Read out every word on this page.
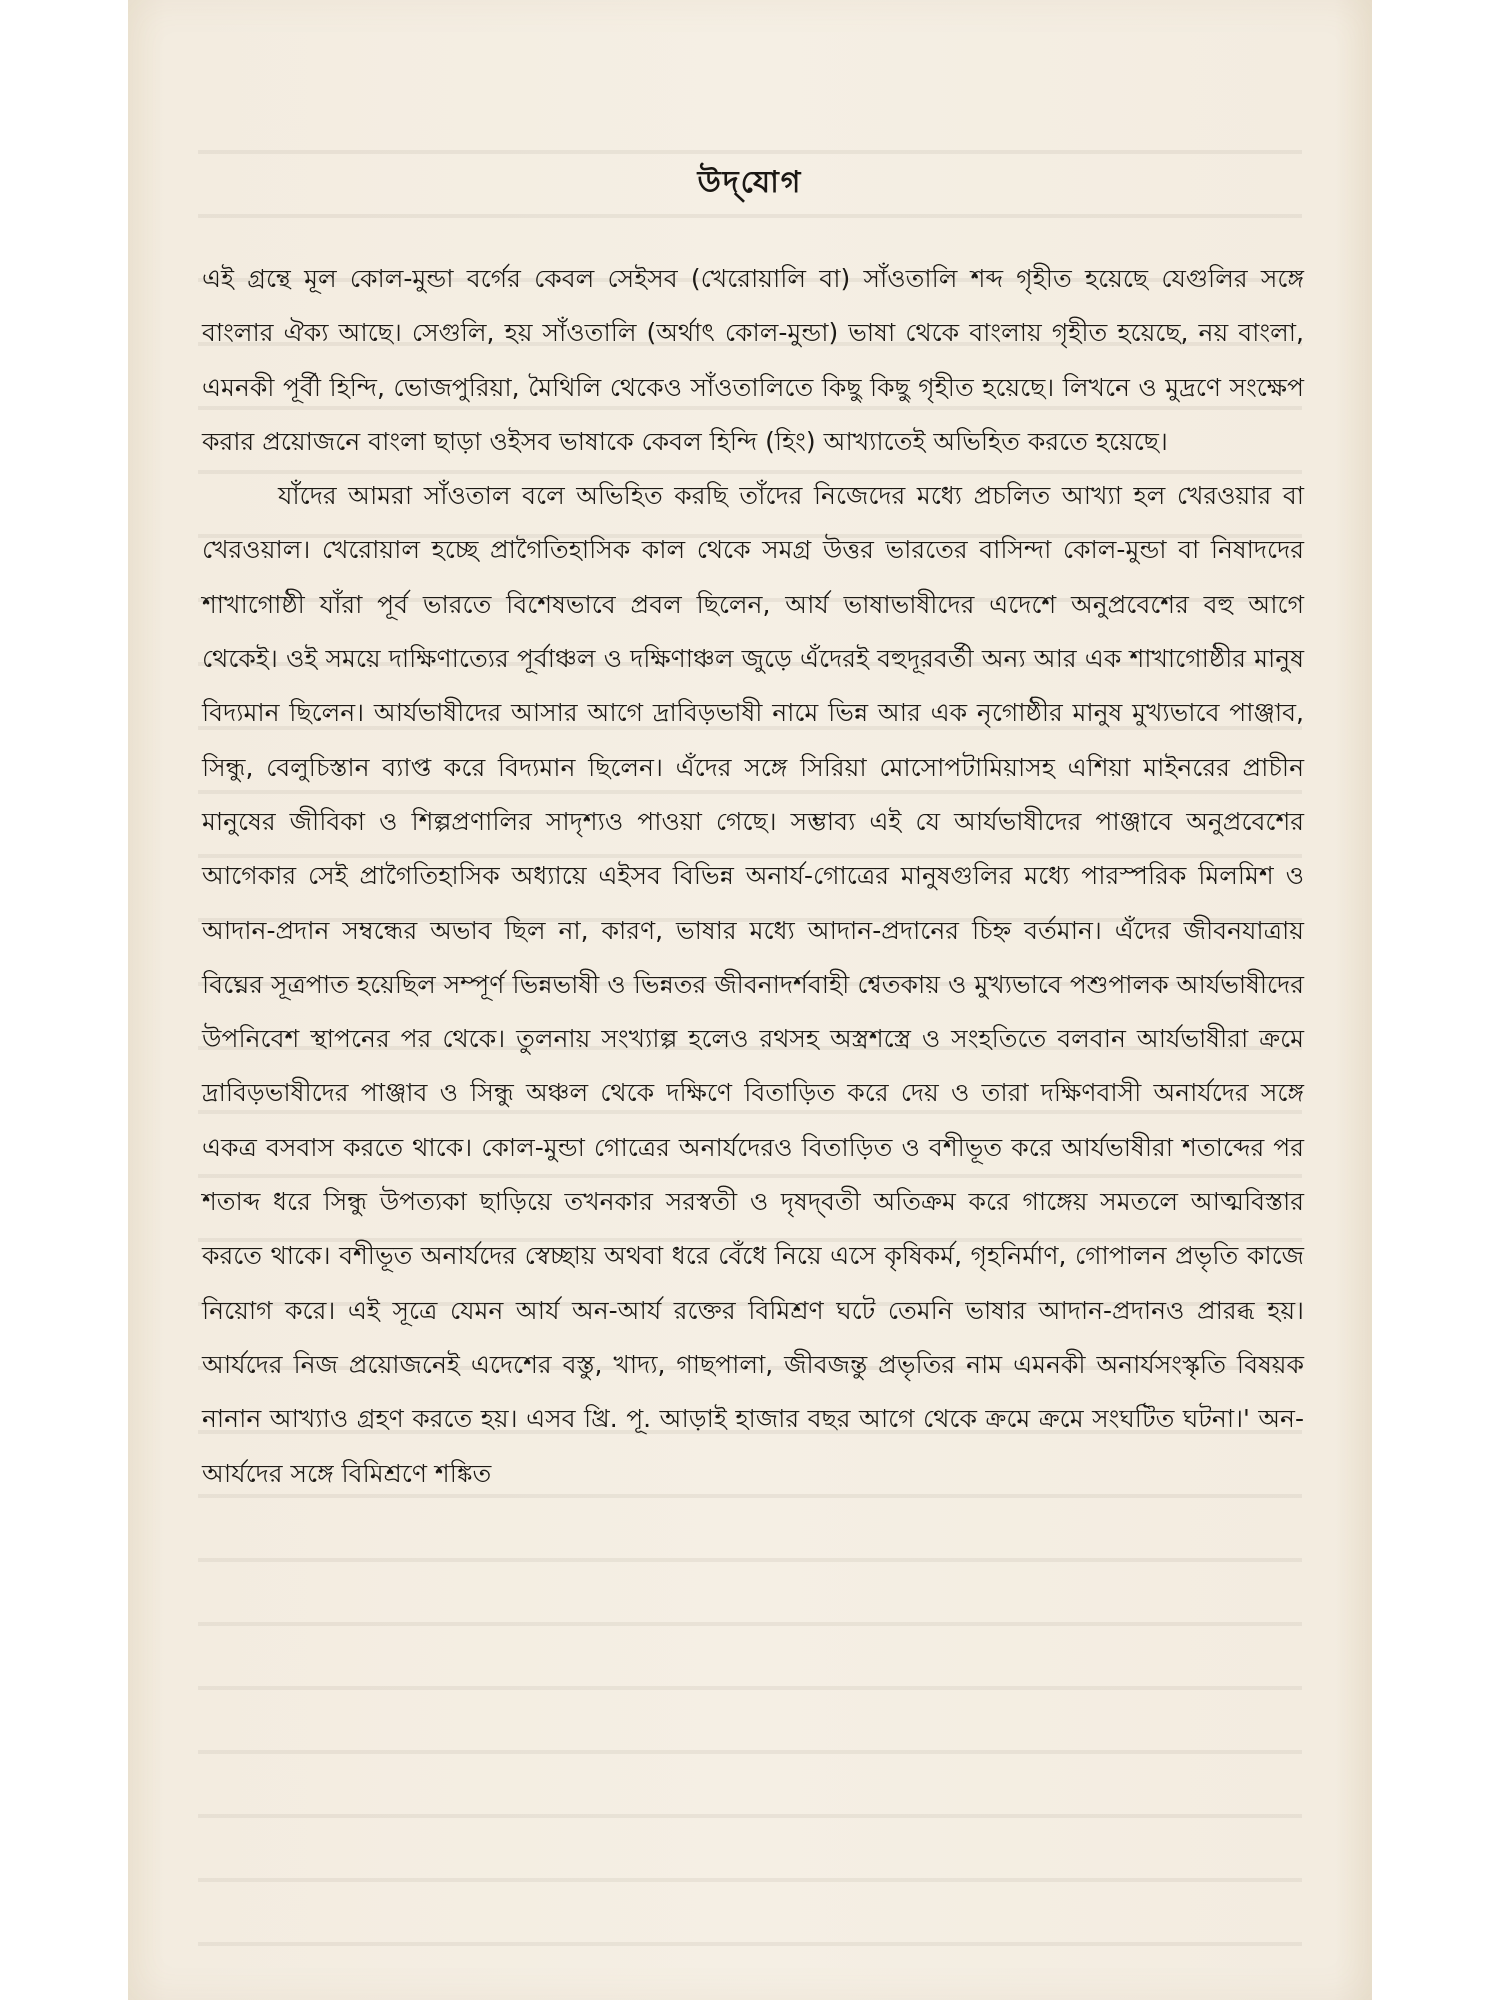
উদ্‌যোগ

এই গ্রন্থে মূল কোল-মুন্ডা বর্গের কেবল সেইসব (খেরোয়ালি বা) সাঁওতালি শব্দ গৃহীত হয়েছে যেগুলির সঙ্গে বাংলার ঐক্য আছে। সেগুলি, হয় সাঁওতালি (অর্থাৎ কোল-মুন্ডা) ভাষা থেকে বাংলায় গৃহীত হয়েছে, নয় বাংলা, এমনকী পূর্বী হিন্দি, ভোজপুরিয়া, মৈথিলি থেকেও সাঁওতালিতে কিছু কিছু গৃহীত হয়েছে। লিখনে ও মুদ্রণে সংক্ষেপ করার প্রয়োজনে বাংলা ছাড়া ওইসব ভাষাকে কেবল হিন্দি (হিং) আখ্যাতেই অভিহিত করতে হয়েছে।

যাঁদের আমরা সাঁওতাল বলে অভিহিত করছি তাঁদের নিজেদের মধ্যে প্রচলিত আখ্যা হল খেরওয়ার বা খেরওয়াল। খেরোয়াল হচ্ছে প্রাগৈতিহাসিক কাল থেকে সমগ্র উত্তর ভারতের বাসিন্দা কোল-মুন্ডা বা নিষাদদের শাখাগোষ্ঠী যাঁরা পূর্ব ভারতে বিশেষভাবে প্রবল ছিলেন, আর্য ভাষাভাষীদের এদেশে অনুপ্রবেশের বহু আগে থেকেই। ওই সময়ে দাক্ষিণাত্যের পূর্বাঞ্চল ও দক্ষিণাঞ্চল জুড়ে এঁদেরই বহুদূরবর্তী অন্য আর এক শাখাগোষ্ঠীর মানুষ বিদ্যমান ছিলেন। আর্যভাষীদের আসার আগে দ্রাবিড়ভাষী নামে ভিন্ন আর এক নৃগোষ্ঠীর মানুষ মুখ্যভাবে পাঞ্জাব, সিন্ধু, বেলুচিস্তান ব্যাপ্ত করে বিদ্যমান ছিলেন। এঁদের সঙ্গে সিরিয়া মোসোপটামিয়াসহ এশিয়া মাইনরের প্রাচীন মানুষের জীবিকা ও শিল্পপ্রণালির সাদৃশ্যও পাওয়া গেছে। সম্ভাব্য এই যে আর্যভাষীদের পাঞ্জাবে অনুপ্রবেশের আগেকার সেই প্রাগৈতিহাসিক অধ্যায়ে এইসব বিভিন্ন অনার্য-গোত্রের মানুষগুলির মধ্যে পারস্পরিক মিলমিশ ও আদান-প্রদান সম্বন্ধের অভাব ছিল না, কারণ, ভাষার মধ্যে আদান-প্রদানের চিহ্ন বর্তমান। এঁদের জীবনযাত্রায় বিঘ্নের সূত্রপাত হয়েছিল সম্পূর্ণ ভিন্নভাষী ও ভিন্নতর জীবনাদর্শবাহী শ্বেতকায় ও মুখ্যভাবে পশুপালক আর্যভাষীদের উপনিবেশ স্থাপনের পর থেকে। তুলনায় সংখ্যাল্প হলেও রথসহ অস্ত্রশস্ত্রে ও সংহতিতে বলবান আর্যভাষীরা ক্রমে দ্রাবিড়ভাষীদের পাঞ্জাব ও সিন্ধু অঞ্চল থেকে দক্ষিণে বিতাড়িত করে দেয় ও তারা দক্ষিণবাসী অনার্যদের সঙ্গে একত্র বসবাস করতে থাকে। কোল-মুন্ডা গোত্রের অনার্যদেরও বিতাড়িত ও বশীভূত করে আর্যভাষীরা শতাব্দের পর শতাব্দ ধরে সিন্ধু উপত্যকা ছাড়িয়ে তখনকার সরস্বতী ও দৃষদ্‌বতী অতিক্রম করে গাঙ্গেয় সমতলে আত্মবিস্তার করতে থাকে। বশীভূত অনার্যদের স্বেচ্ছায় অথবা ধরে বেঁধে নিয়ে এসে কৃষিকর্ম, গৃহনির্মাণ, গোপালন প্রভৃতি কাজে নিয়োগ করে। এই সূত্রে যেমন আর্য অন-আর্য রক্তের বিমিশ্রণ ঘটে তেমনি ভাষার আদান-প্রদানও প্রারব্ধ হয়। আর্যদের নিজ প্রয়োজনেই এদেশের বস্তু, খাদ্য, গাছপালা, জীবজন্তু প্রভৃতির নাম এমনকী অনার্যসংস্কৃতি বিষয়ক নানান আখ্যাও গ্রহণ করতে হয়। এসব খ্রি. পূ. আড়াই হাজার বছর আগে থেকে ক্রমে ক্রমে সংঘটিত ঘটনা।' অন-আর্যদের সঙ্গে বিমিশ্রণে শঙ্কিত
